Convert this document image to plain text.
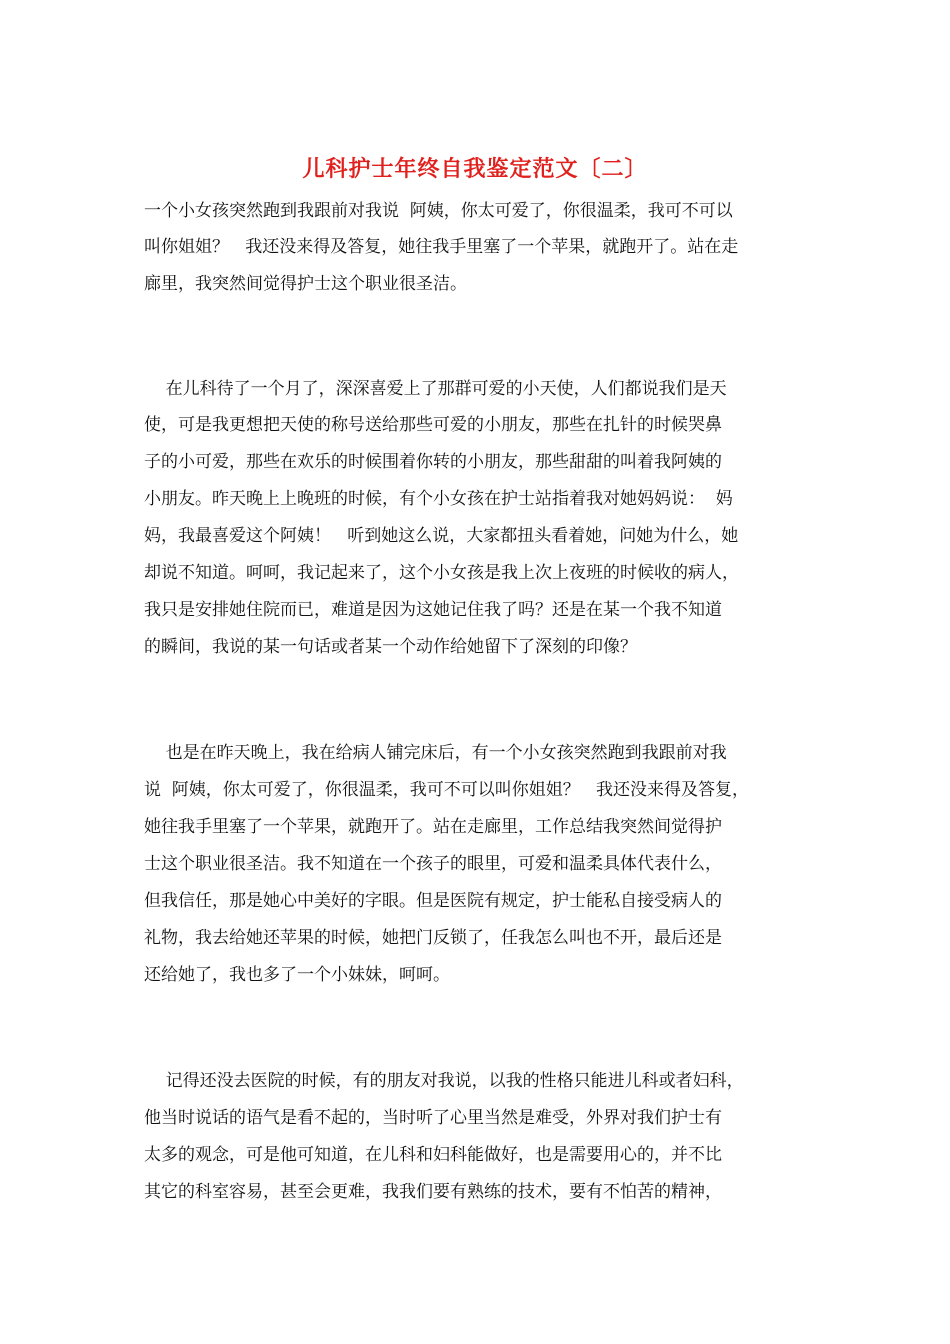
儿科护士年终自我鉴定范文〔二〕

一个小女孩突然跑到我跟前对我说  阿姨，你太可爱了，你很温柔，我可不可以

叫你姐姐？   我还没来得及答复，她往我手里塞了一个苹果，就跑开了。站在走

廊里，我突然间觉得护士这个职业很圣洁。

在儿科待了一个月了，深深喜爱上了那群可爱的小天使，人们都说我们是天

使，可是我更想把天使的称号送给那些可爱的小朋友，那些在扎针的时候哭鼻

子的小可爱，那些在欢乐的时候围着你转的小朋友，那些甜甜的叫着我阿姨的

小朋友。昨天晚上上晚班的时候，有个小女孩在护士站指着我对她妈妈说：  妈

妈，我最喜爱这个阿姨！   听到她这么说，大家都扭头看着她，问她为什么，她

却说不知道。呵呵，我记起来了，这个小女孩是我上次上夜班的时候收的病人，

我只是安排她住院而已，难道是因为这她记住我了吗？还是在某一个我不知道

的瞬间，我说的某一句话或者某一个动作给她留下了深刻的印像？

也是在昨天晚上，我在给病人铺完床后，有一个小女孩突然跑到我跟前对我

说  阿姨，你太可爱了，你很温柔，我可不可以叫你姐姐？   我还没来得及答复，

她往我手里塞了一个苹果，就跑开了。站在走廊里，工作总结我突然间觉得护

士这个职业很圣洁。我不知道在一个孩子的眼里，可爱和温柔具体代表什么，

但我信任，那是她心中美好的字眼。但是医院有规定，护士能私自接受病人的

礼物，我去给她还苹果的时候，她把门反锁了，任我怎么叫也不开，最后还是

还给她了，我也多了一个小妹妹，呵呵。

记得还没去医院的时候，有的朋友对我说，以我的性格只能进儿科或者妇科，

他当时说话的语气是看不起的，当时听了心里当然是难受，外界对我们护士有

太多的观念，可是他可知道，在儿科和妇科能做好，也是需要用心的，并不比

其它的科室容易，甚至会更难，我我们要有熟练的技术，要有不怕苦的精神，
